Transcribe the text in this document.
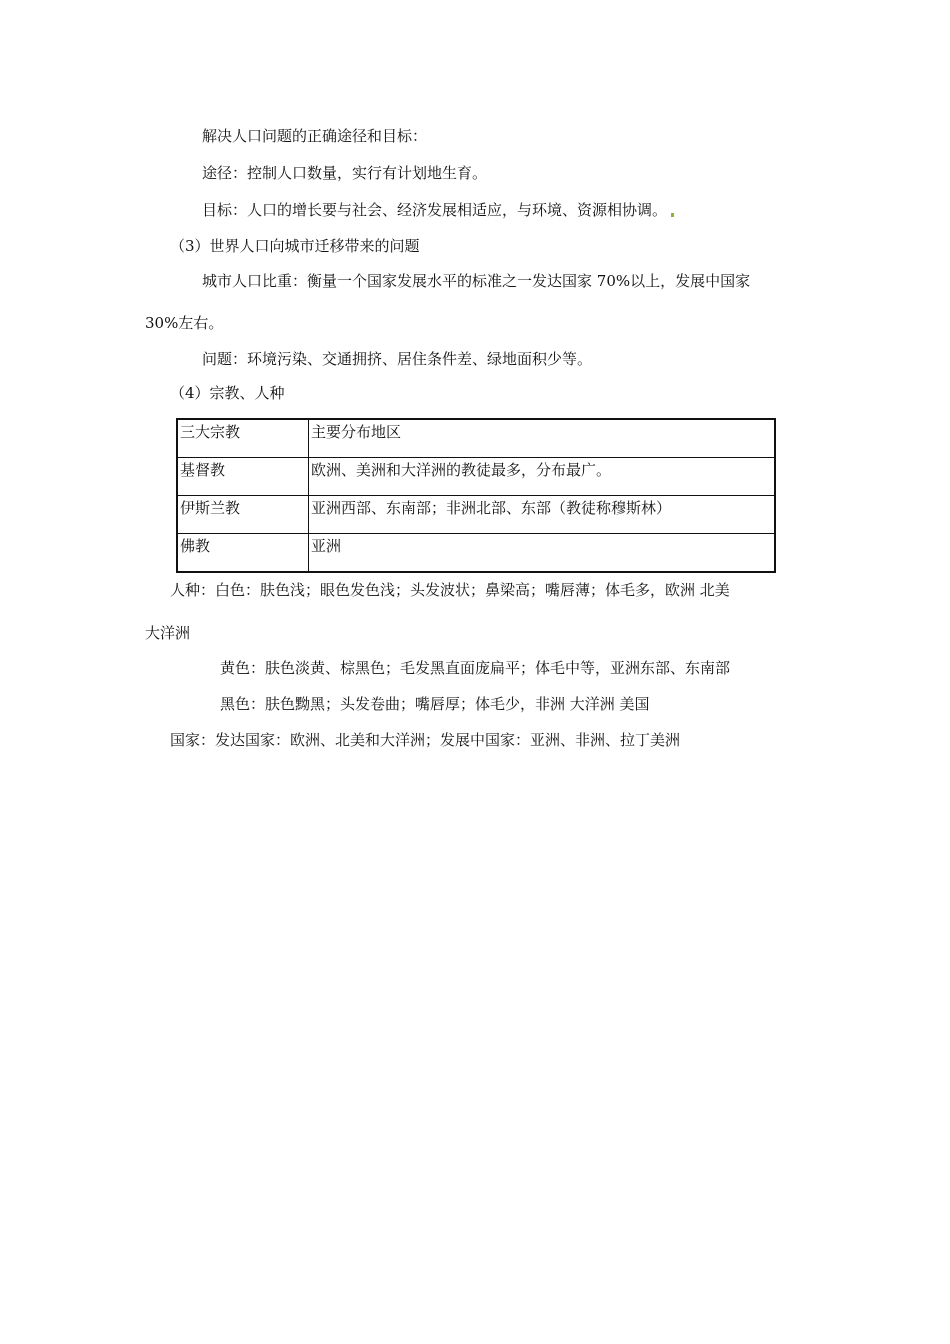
解决人口问题的正确途径和目标：
途径：控制人口数量，实行有计划地生育。
目标：人口的增长要与社会、经济发展相适应，与环境、资源相协调。
（3）世界人口向城市迁移带来的问题
城市人口比重：衡量一个国家发展水平的标准之一发达国家 70%以上，发展中国家
30%左右。
问题：环境污染、交通拥挤、居住条件差、绿地面积少等。
（4）宗教、人种
三大宗教	主要分布地区
基督教	欧洲、美洲和大洋洲的教徒最多，分布最广。
伊斯兰教	亚洲西部、东南部；非洲北部、东部（教徒称穆斯林）
佛教	亚洲
人种：白色：肤色浅；眼色发色浅；头发波状；鼻梁高；嘴唇薄；体毛多，欧洲 北美
大洋洲
黄色：肤色淡黄、棕黑色；毛发黑直面庞扁平；体毛中等，亚洲东部、东南部
黑色：肤色黝黑；头发卷曲；嘴唇厚；体毛少，非洲 大洋洲 美国
国家：发达国家：欧洲、北美和大洋洲；发展中国家：亚洲、非洲、拉丁美洲
